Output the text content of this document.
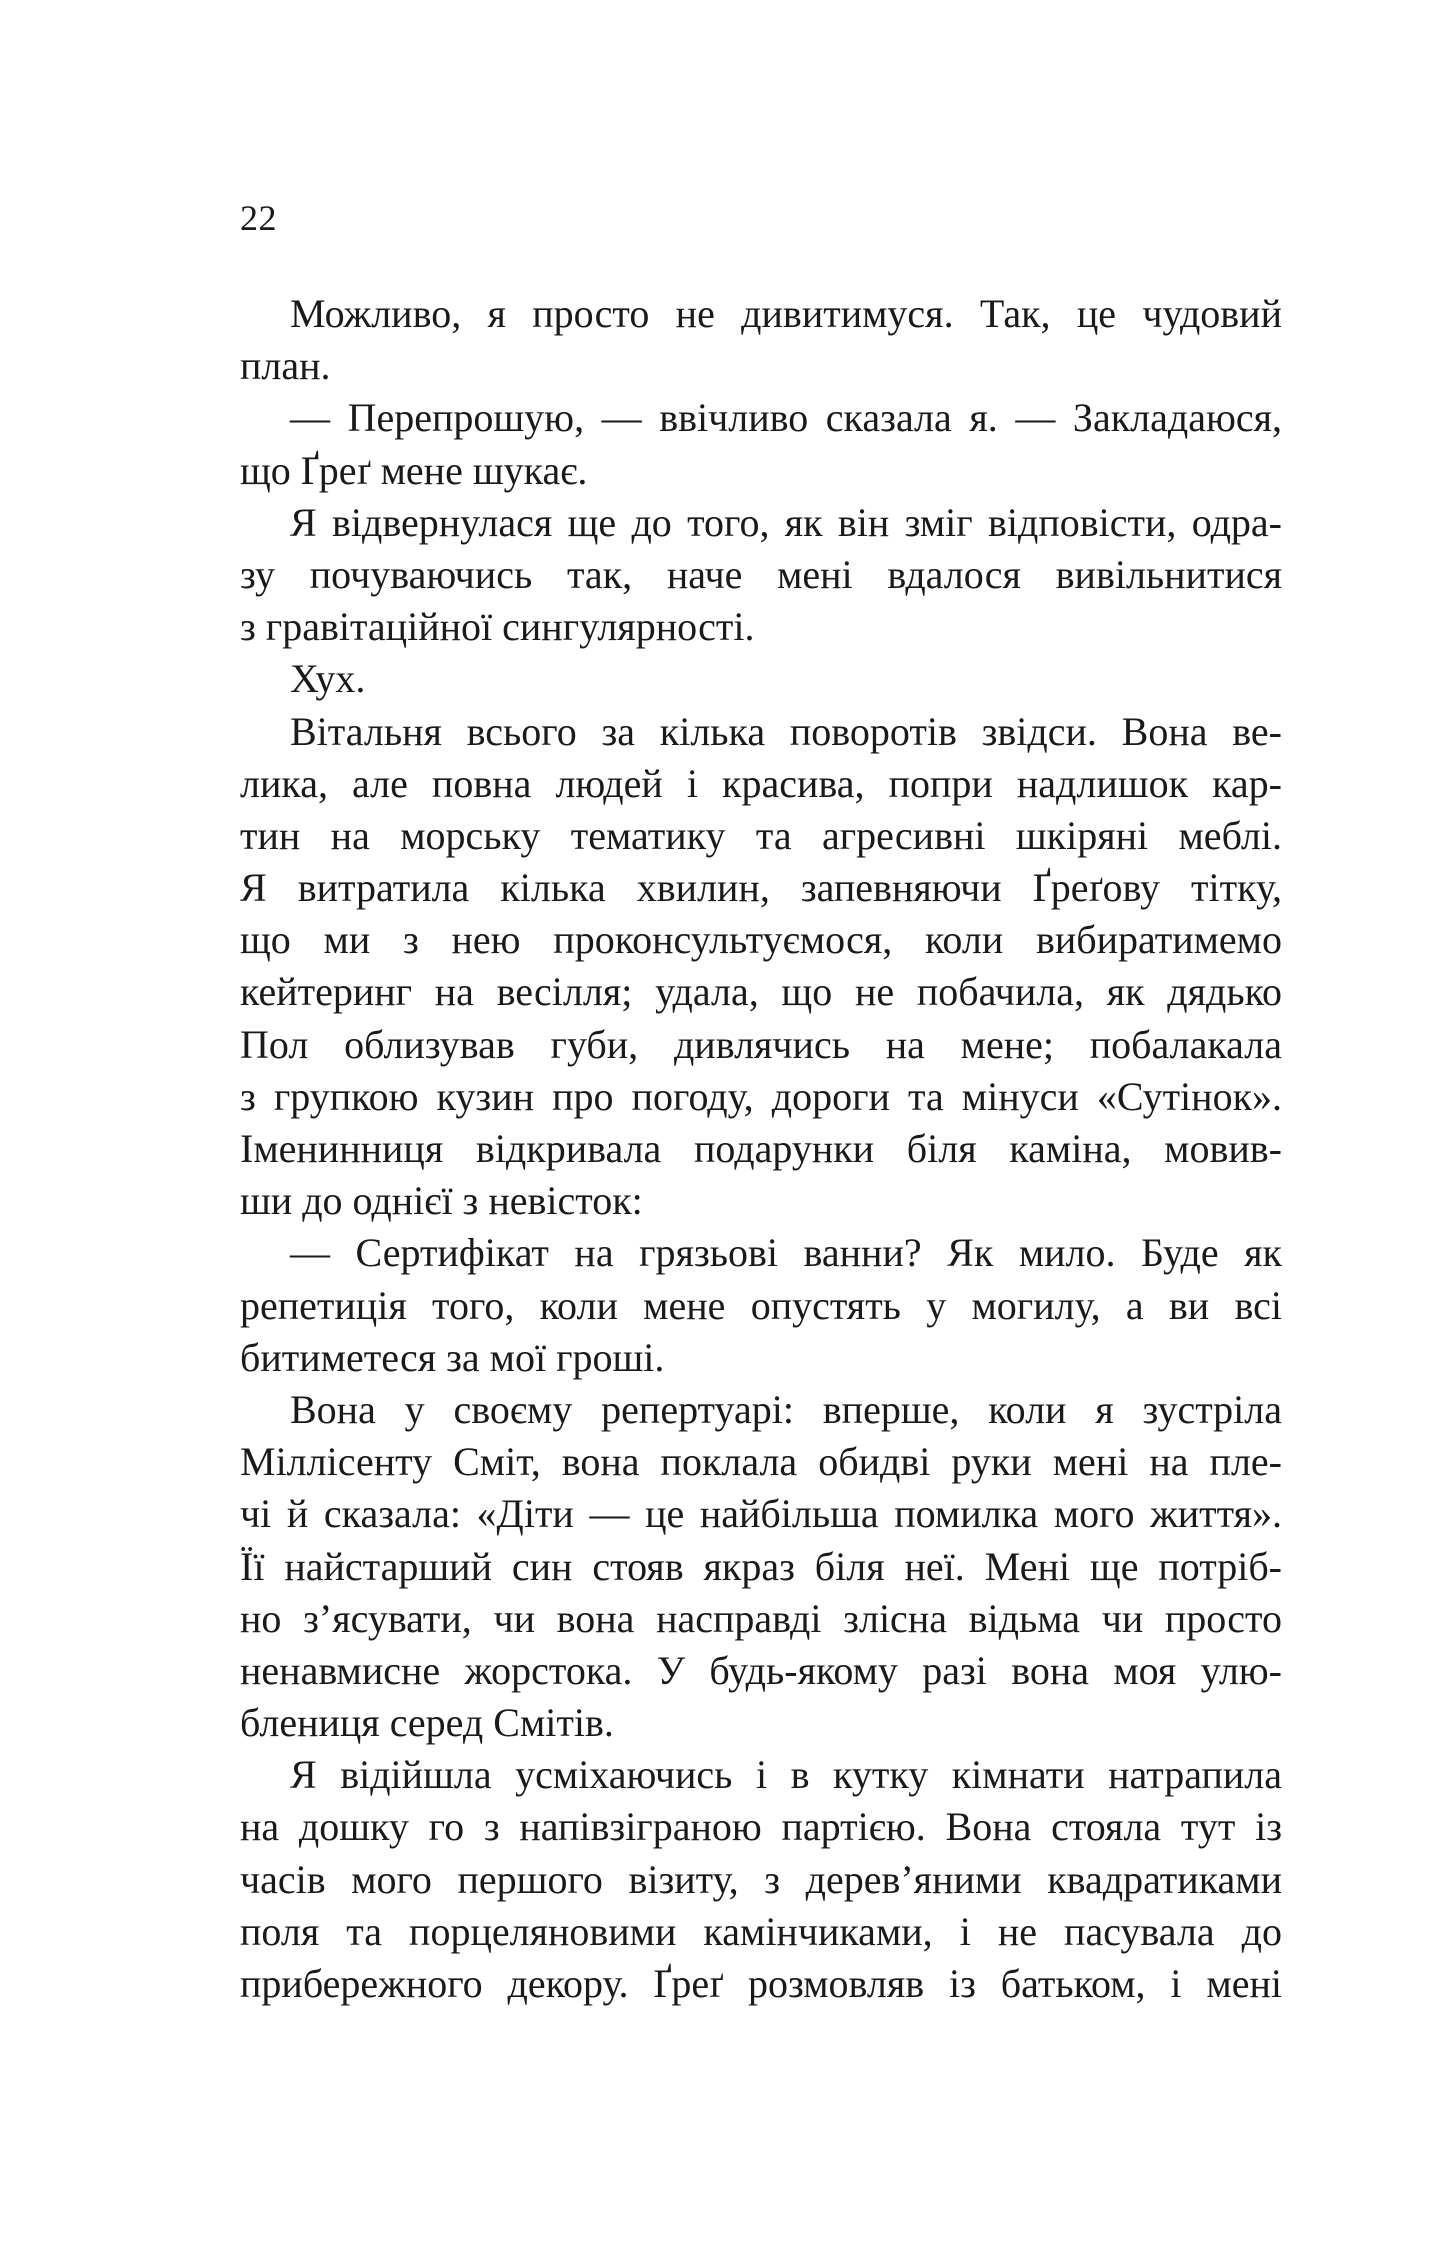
22
Можливо, я просто не дивитимуся. Так, це чудовий
план.
— Перепрошую, — ввічливо сказала я. — Закладаюся,
що Ґреґ мене шукає.
Я відвернулася ще до того, як він зміг відповісти, одра-
зу почуваючись так, наче мені вдалося вивільнитися
з гравітаційної сингулярності.
Хух.
Вітальня всього за кілька поворотів звідси. Вона ве-
лика, але повна людей і красива, попри надлишок кар-
тин на морську тематику та агресивні шкіряні меблі.
Я витратила кілька хвилин, запевняючи Ґреґову тітку,
що ми з нею проконсультуємося, коли вибиратимемо
кейтеринг на весілля; удала, що не побачила, як дядько
Пол облизував губи, дивлячись на мене; побалакала
з групкою кузин про погоду, дороги та мінуси «Сутінок».
Іменинниця відкривала подарунки біля каміна, мовив-
ши до однієї з невісток:
— Сертифікат на грязьові ванни? Як мило. Буде як
репетиція того, коли мене опустять у могилу, а ви всі
битиметеся за мої гроші.
Вона у своєму репертуарі: вперше, коли я зустріла
Міллісенту Сміт, вона поклала обидві руки мені на пле-
чі й сказала: «Діти — це найбільша помилка мого життя».
Її найстарший син стояв якраз біля неї. Мені ще потріб-
но з’ясувати, чи вона насправді злісна відьма чи просто
ненавмисне жорстока. У будь-якому разі вона моя улю-
блениця серед Смітів.
Я відійшла усміхаючись і в кутку кімнати натрапила
на дошку го з напівзіграною партією. Вона стояла тут із
часів мого першого візиту, з дерев’яними квадратиками
поля та порцеляновими камінчиками, і не пасувала до
прибережного декору. Ґреґ розмовляв із батьком, і мені
